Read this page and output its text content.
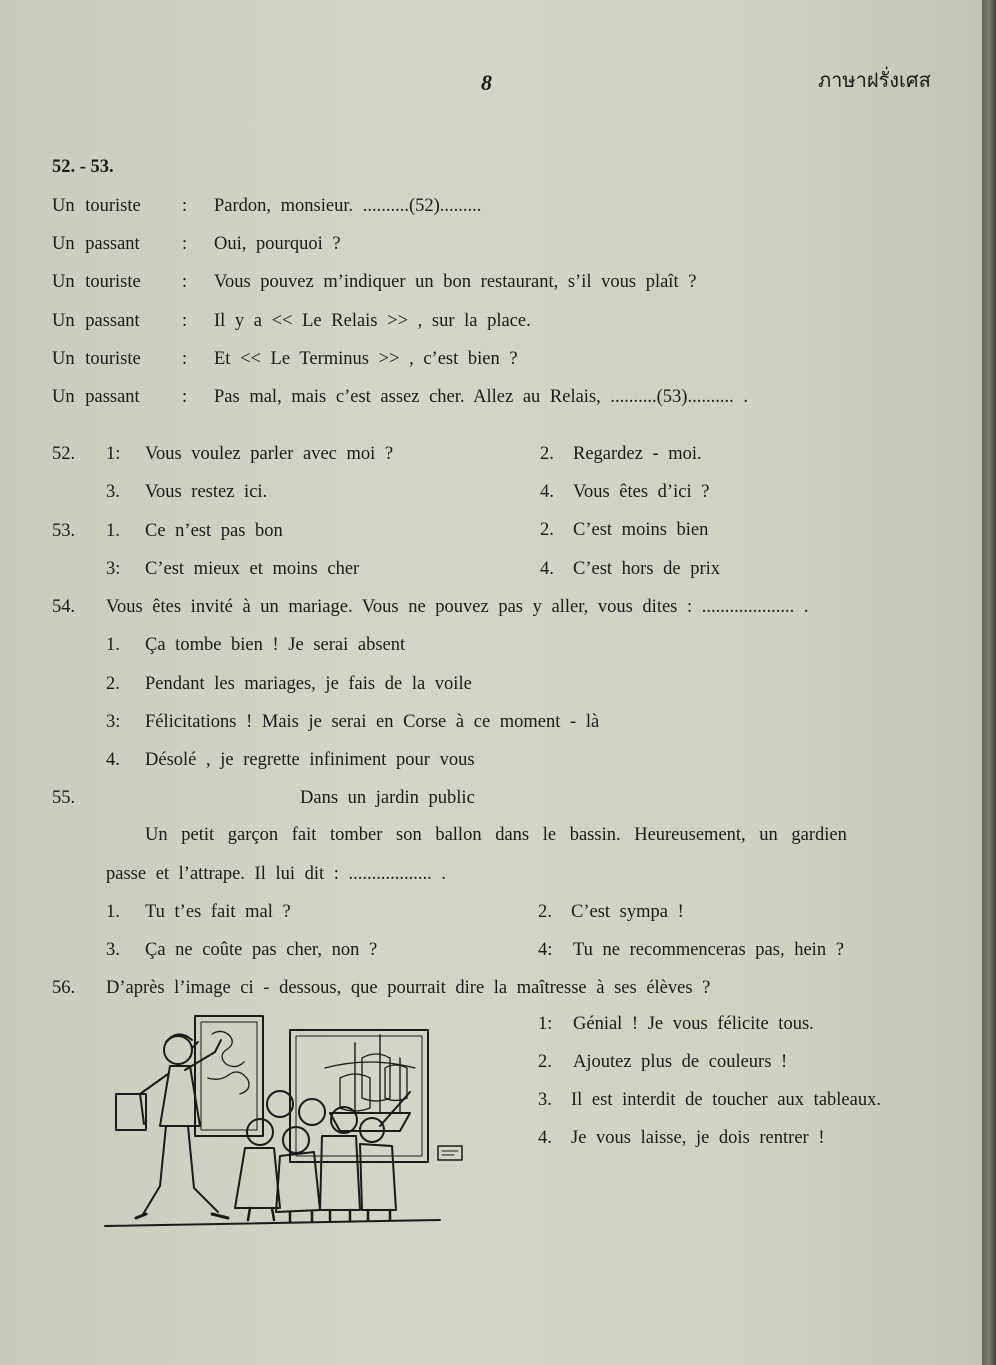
8	ภาษาฝรั่งเศส
52. - 53.
Un touriste : Pardon, monsieur. ..........(52).........
Un passant : Oui, pourquoi ?
Un touriste : Vous pouvez m’indiquer un bon restaurant, s’il vous plaît ?
Un passant : Il y a << Le Relais >> , sur la place.
Un touriste : Et << Le Terminus >> , c’est bien ?
Un passant : Pas mal, mais c’est assez cher. Allez au Relais, ..........(53).......... .
52. 1: Vous voulez parler avec moi ?	2. Regardez - moi.
3. Vous restez ici.	4. Vous êtes d’ici ?
53. 1. Ce n’est pas bon	2. C’est moins bien
3: C’est mieux et moins cher	4. C’est hors de prix
54. Vous êtes invité à un mariage. Vous ne pouvez pas y aller, vous dites : .................... .
1. Ça tombe bien ! Je serai absent
2. Pendant les mariages, je fais de la voile
3: Félicitations ! Mais je serai en Corse à ce moment - là
4. Désolé , je regrette infiniment pour vous
55.	Dans un jardin public
Un petit garçon fait tomber son ballon dans le bassin. Heureusement, un gardien
passe et l’attrape. Il lui dit : .................. .
1. Tu t’es fait mal ?	2. C’est sympa !
3. Ça ne coûte pas cher, non ?	4: Tu ne recommenceras pas, hein ?
56. D’après l’image ci - dessous, que pourrait dire la maîtresse à ses élèves ?
1: Génial ! Je vous félicite tous.
2. Ajoutez plus de couleurs !
3. Il est interdit de toucher aux tableaux.
4. Je vous laisse, je dois rentrer !
